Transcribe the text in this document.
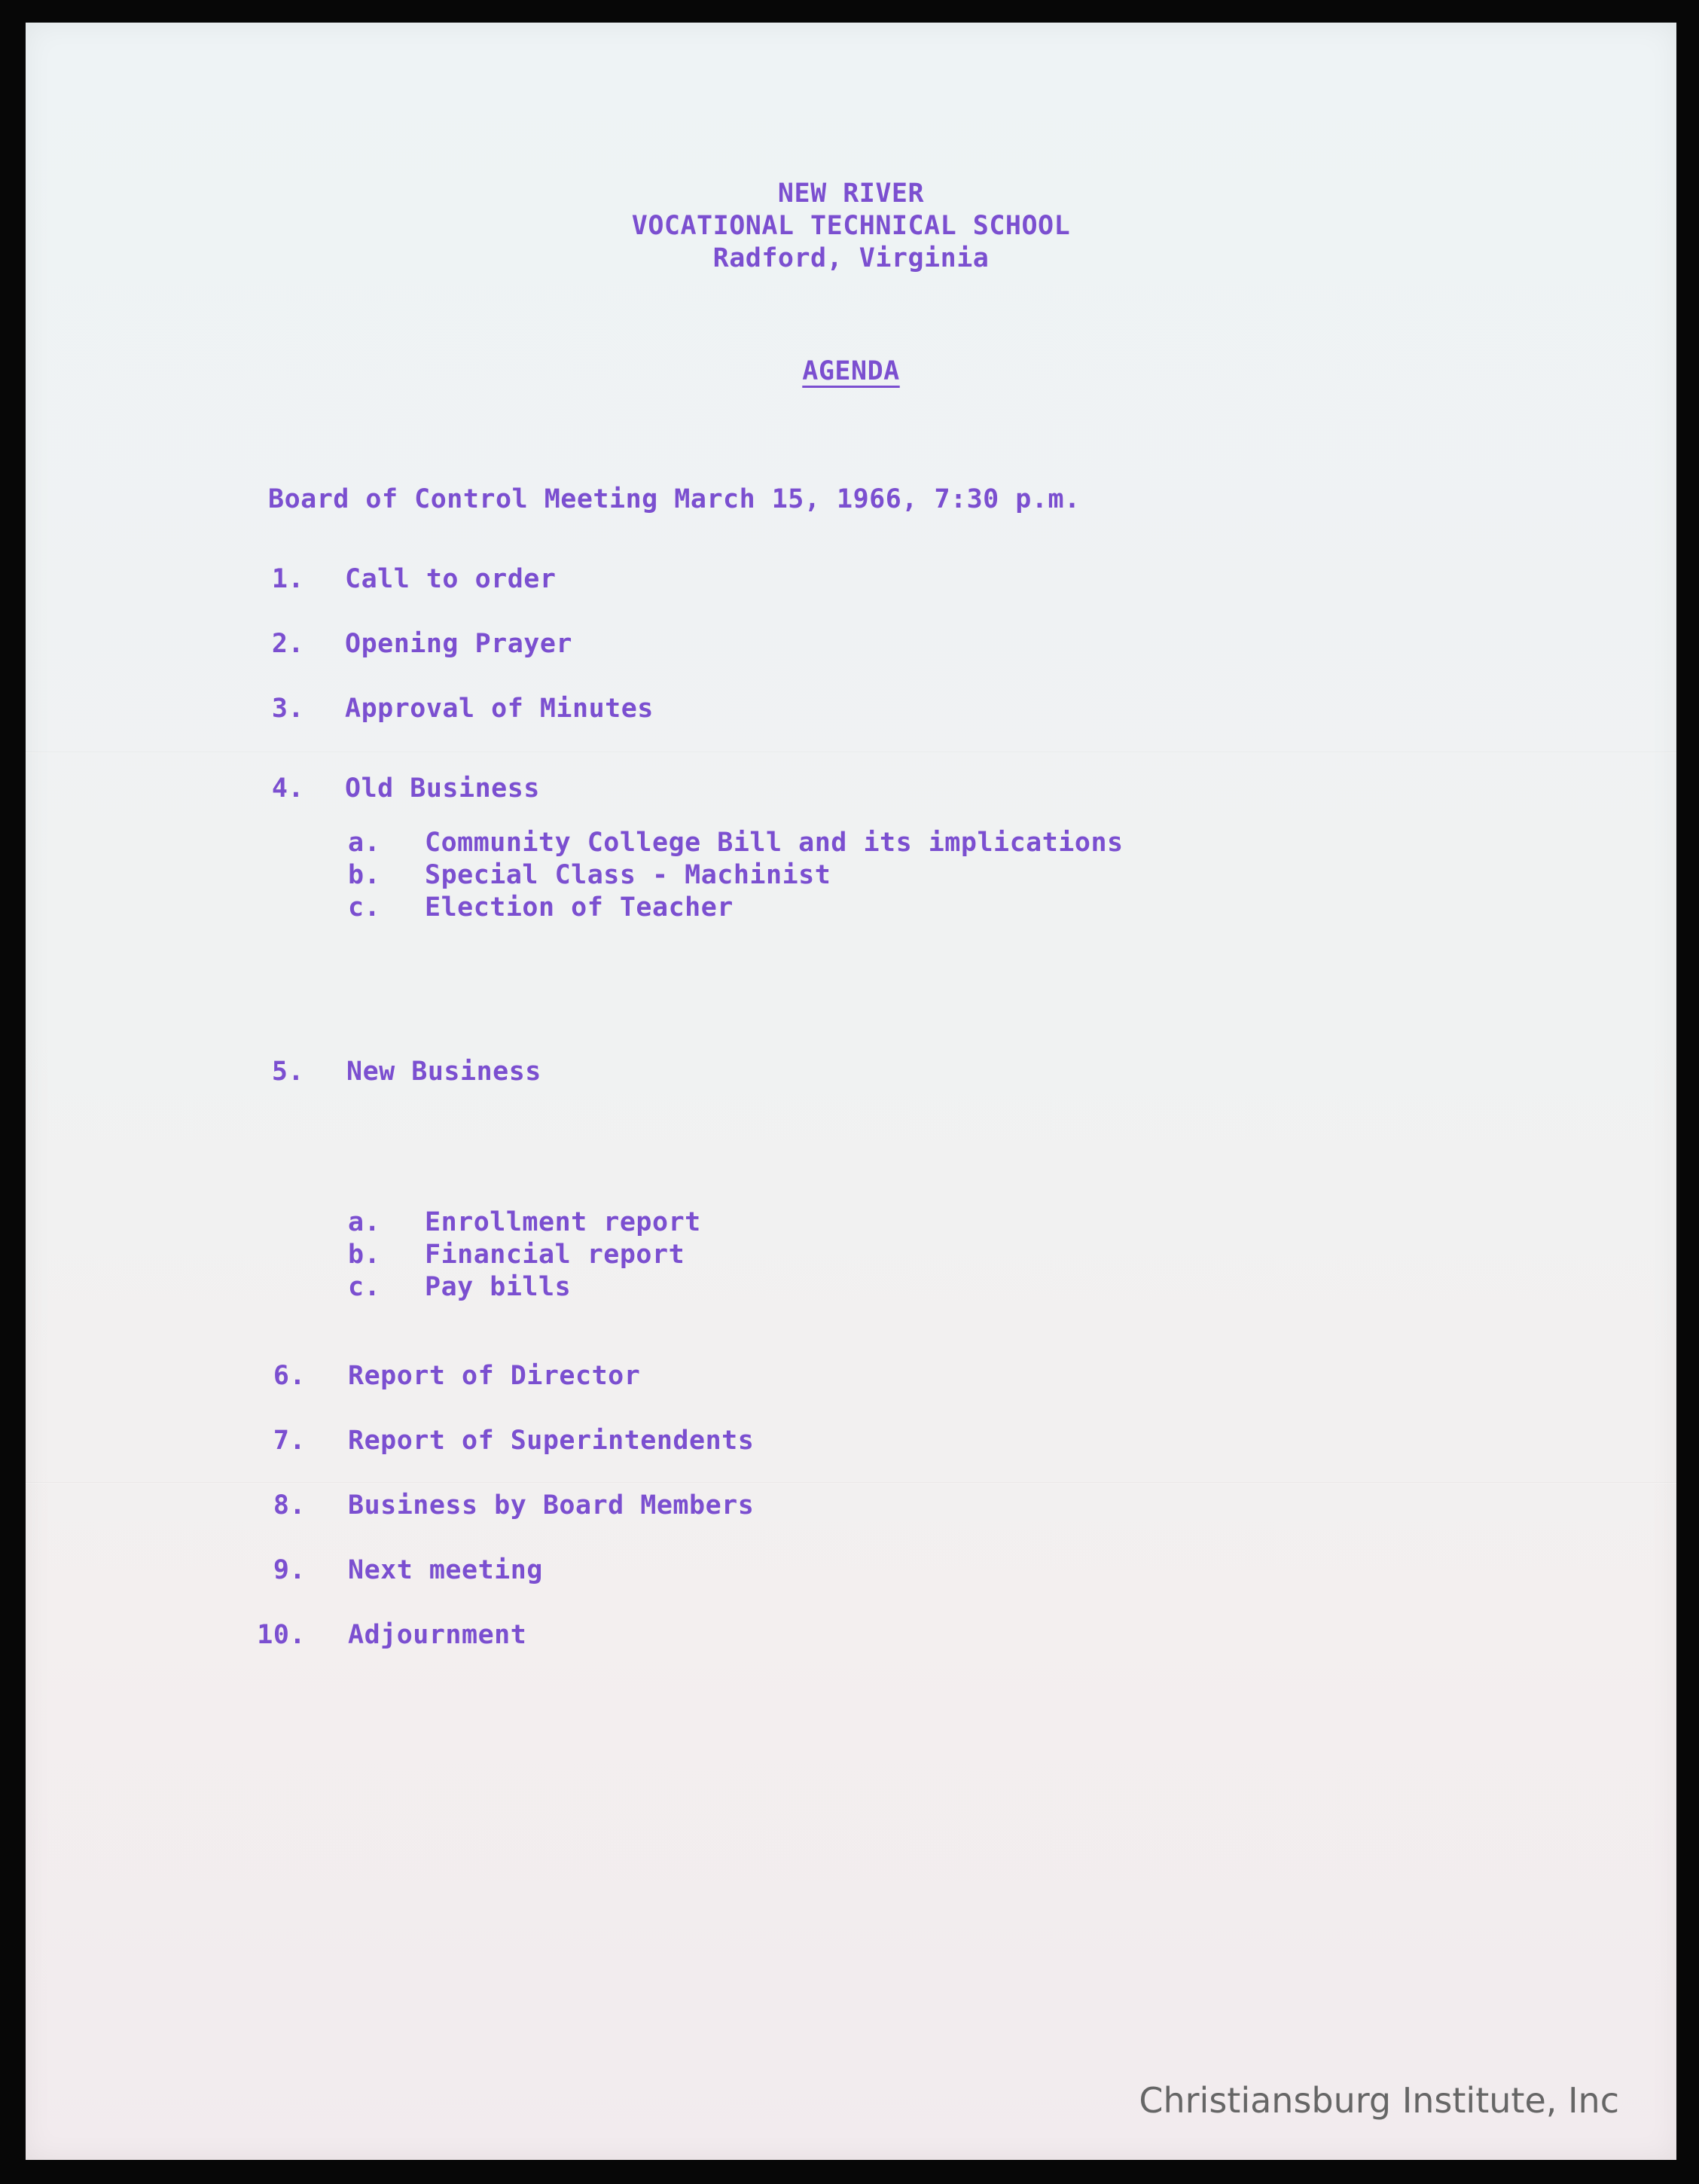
NEW RIVER
VOCATIONAL TECHNICAL SCHOOL
Radford, Virginia
AGENDA
Board of Control Meeting March 15, 1966, 7:30 p.m.
1. Call to order
2. Opening Prayer
3. Approval of Minutes
4. Old Business
a. Community College Bill and its implications
b. Special Class - Machinist
c. Election of Teacher
5. New Business
a. Enrollment report
b. Financial report
c. Pay bills
6. Report of Director
7. Report of Superintendents
8. Business by Board Members
9. Next meeting
10. Adjournment
Christiansburg Institute, Inc
